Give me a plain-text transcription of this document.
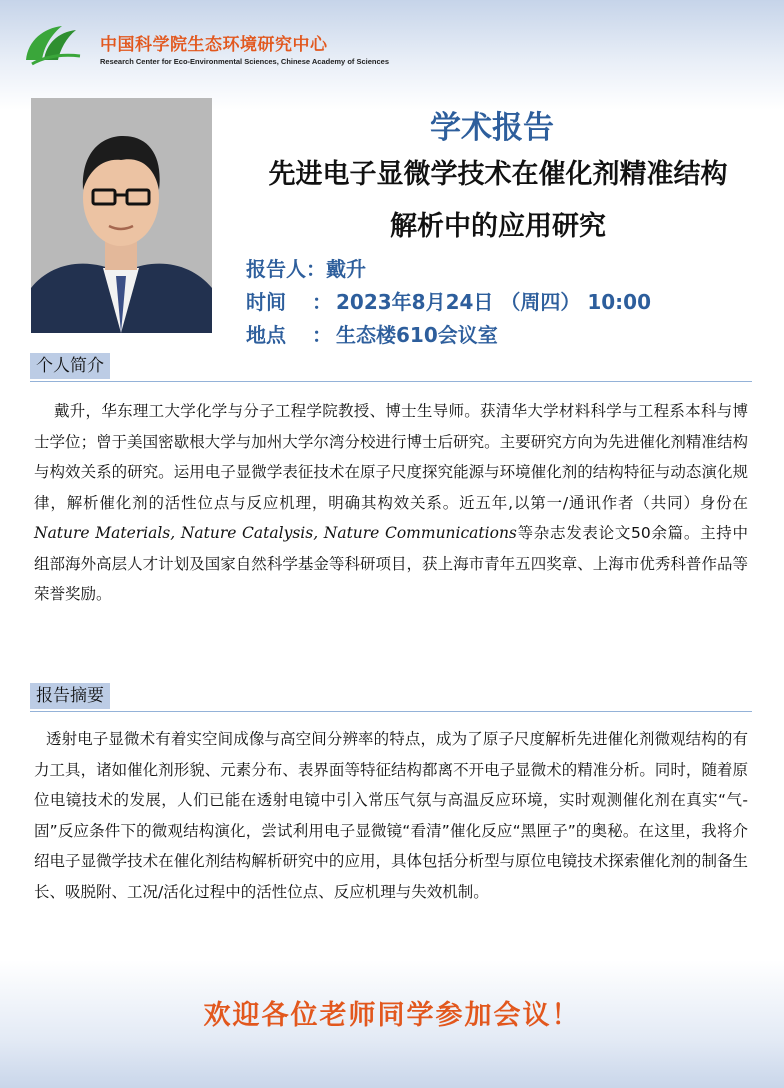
中国科学院生态环境研究中心
Research Center for Eco-Environmental Sciences, Chinese Academy of Sciences
学术报告
先进电子显微学技术在催化剂精准结构
解析中的应用研究
报告人：戴升
时间 ： 2023年8月24日 （周四） 10:00
地点 ： 生态楼610会议室
个人简介
戴升，华东理工大学化学与分子工程学院教授、博士生导师。获清华大学材料科学与工程系本科与博士学位；曾于美国密歇根大学与加州大学尔湾分校进行博士后研究。主要研究方向为先进催化剂精准结构与构效关系的研究。运用电子显微学表征技术在原子尺度探究能源与环境催化剂的结构特征与动态演化规律，解析催化剂的活性位点与反应机理，明确其构效关系。近五年,以第一/通讯作者（共同）身份在Nature Materials, Nature Catalysis, Nature Communications等杂志发表论文50余篇。主持中组部海外高层人才计划及国家自然科学基金等科研项目，获上海市青年五四奖章、上海市优秀科普作品等荣誉奖励。
报告摘要
透射电子显微术有着实空间成像与高空间分辨率的特点，成为了原子尺度解析先进催化剂微观结构的有力工具，诸如催化剂形貌、元素分布、表界面等特征结构都离不开电子显微术的精准分析。同时，随着原位电镜技术的发展，人们已能在透射电镜中引入常压气氛与高温反应环境，实时观测催化剂在真实“气-固”反应条件下的微观结构演化，尝试利用电子显微镜“看清”催化反应“黑匣子”的奥秘。在这里，我将介绍电子显微学技术在催化剂结构解析研究中的应用，具体包括分析型与原位电镜技术探索催化剂的制备生长、吸脱附、工况/活化过程中的活性位点、反应机理与失效机制。
欢迎各位老师同学参加会议！
